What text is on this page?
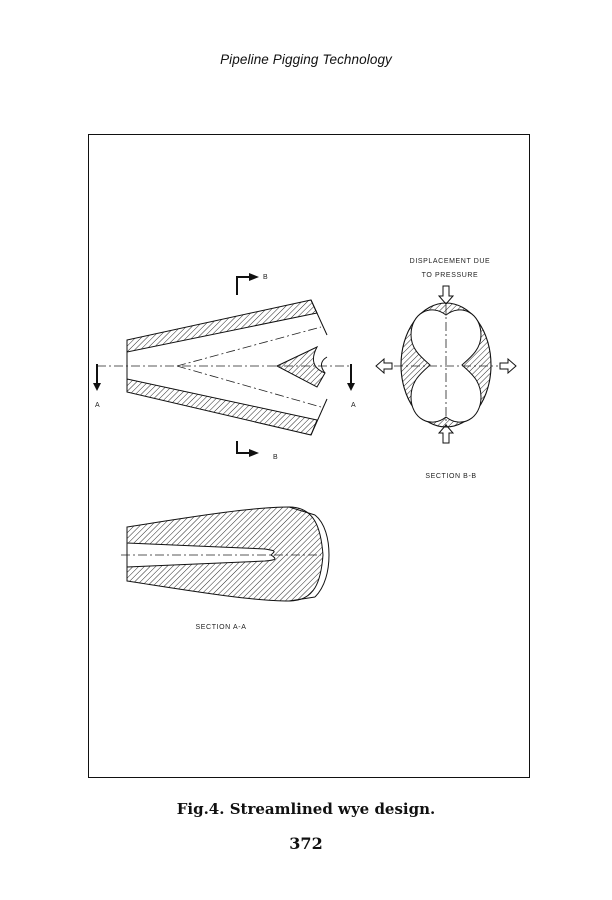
Pipeline Pigging Technology
A	A
B
B
DISPLACEMENT DUE
TO PRESSURE
SECTION B-B
SECTION A-A
Fig.4. Streamlined wye design.
372
